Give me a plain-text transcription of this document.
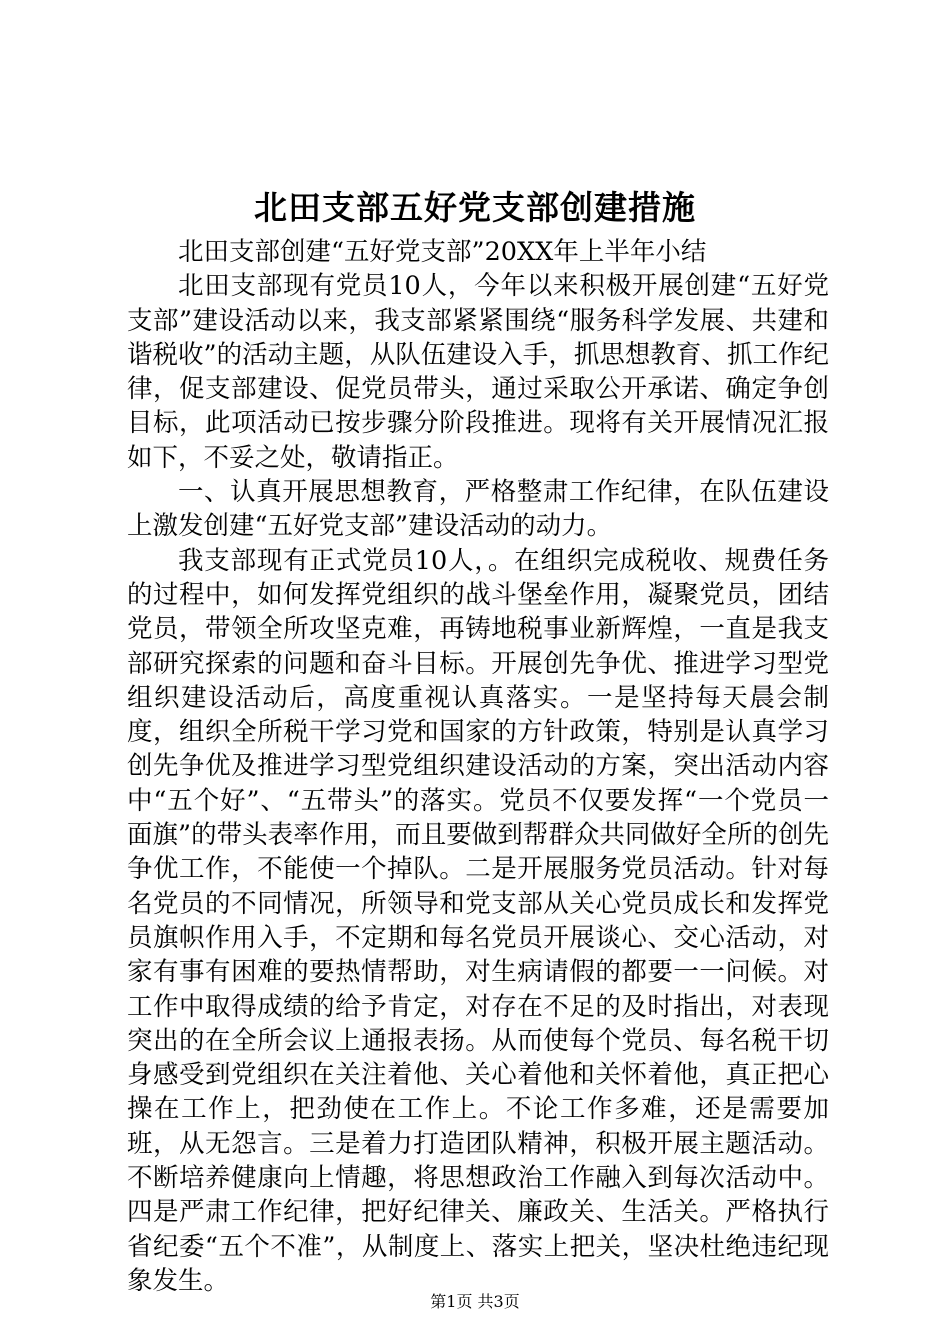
北田支部五好党支部创建措施

北田支部创建“五好党支部”20XX年上半年小结

北田支部现有党员10人，今年以来积极开展创建“五好党支部”建设活动以来，我支部紧紧围绕“服务科学发展、共建和谐税收”的活动主题，从队伍建设入手，抓思想教育、抓工作纪律，促支部建设、促党员带头，通过采取公开承诺、确定争创目标，此项活动已按步骤分阶段推进。现将有关开展情况汇报如下，不妥之处，敬请指正。

一、认真开展思想教育，严格整肃工作纪律，在队伍建设上激发创建“五好党支部”建设活动的动力。

我支部现有正式党员10人，。在组织完成税收、规费任务的过程中，如何发挥党组织的战斗堡垒作用，凝聚党员，团结党员，带领全所攻坚克难，再铸地税事业新辉煌，一直是我支部研究探索的问题和奋斗目标。开展创先争优、推进学习型党组织建设活动后，高度重视认真落实。一是坚持每天晨会制度，组织全所税干学习党和国家的方针政策，特别是认真学习创先争优及推进学习型党组织建设活动的方案，突出活动内容中“五个好”、“五带头”的落实。党员不仅要发挥“一个党员一面旗”的带头表率作用，而且要做到帮群众共同做好全所的创先争优工作，不能使一个掉队。二是开展服务党员活动。针对每名党员的不同情况，所领导和党支部从关心党员成长和发挥党员旗帜作用入手，不定期和每名党员开展谈心、交心活动，对家有事有困难的要热情帮助，对生病请假的都要一一问候。对工作中取得成绩的给予肯定，对存在不足的及时指出，对表现突出的在全所会议上通报表扬。从而使每个党员、每名税干切身感受到党组织在关注着他、关心着他和关怀着他，真正把心操在工作上，把劲使在工作上。不论工作多难，还是需要加班，从无怨言。三是着力打造团队精神，积极开展主题活动。不断培养健康向上情趣，将思想政治工作融入到每次活动中。四是严肃工作纪律，把好纪律关、廉政关、生活关。严格执行省纪委“五个不准”，从制度上、落实上把关，坚决杜绝违纪现象发生。

第1页 共3页
